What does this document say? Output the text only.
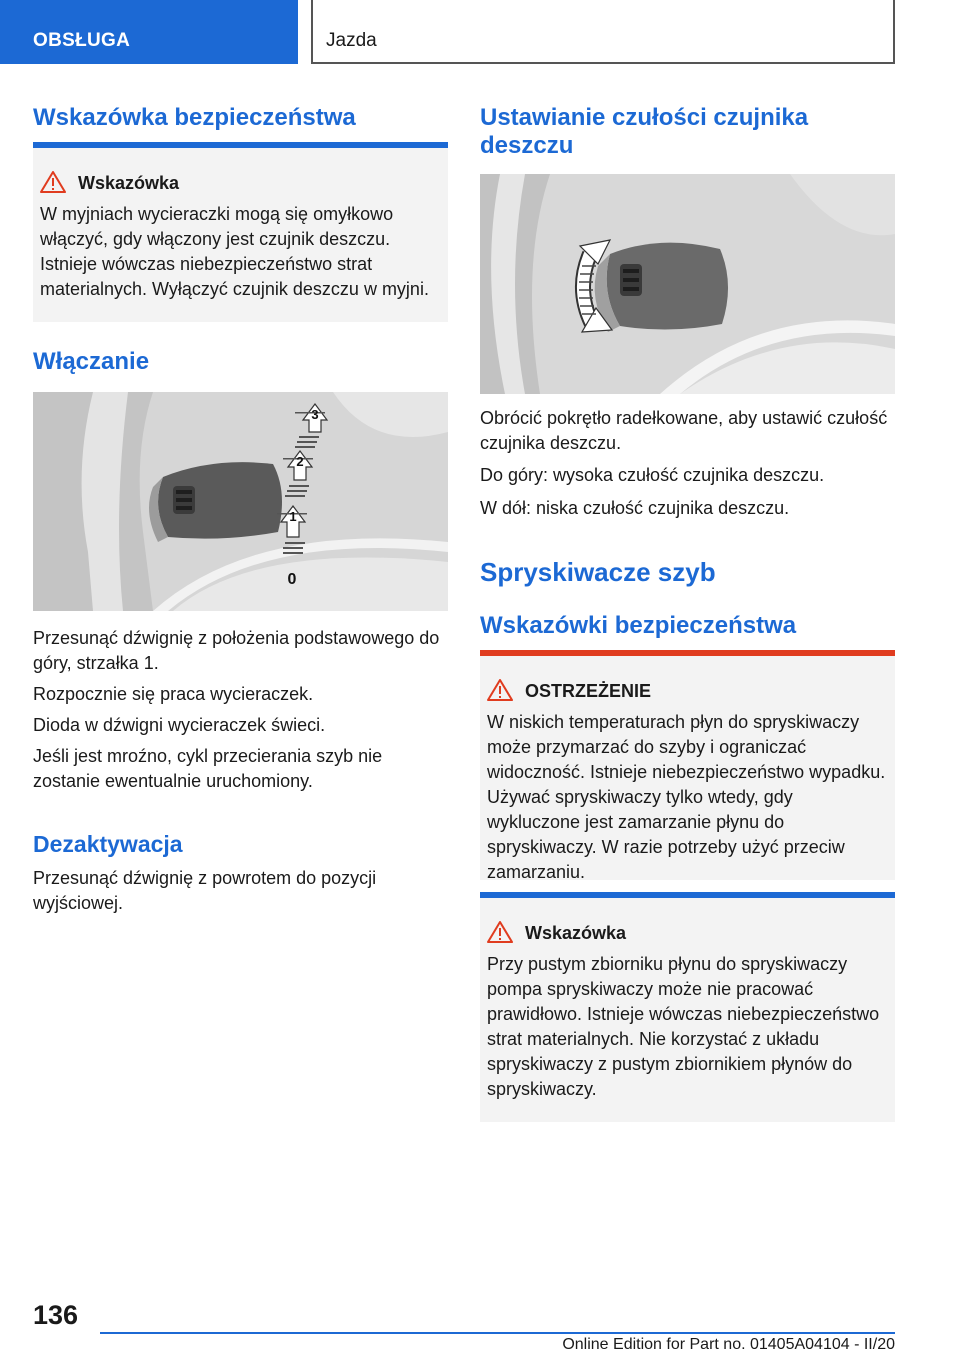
OBSŁUGA	Jazda
Wskazówka bezpieczeństwa
Wskazówka
W myjniach wycieraczki mogą się omyłkowo włączyć, gdy włączony jest czujnik deszczu. Istnieje wówczas niebezpieczeństwo strat materialnych. Wyłączyć czujnik deszczu w myjni.
Włączanie
3
2
1
0
Przesunąć dźwignię z położenia podstawowego do góry, strzałka 1.
Rozpocznie się praca wycieraczek.
Dioda w dźwigni wycieraczek świeci.
Jeśli jest mroźno, cykl przecierania szyb nie zostanie ewentualnie uruchomiony.
Dezaktywacja
Przesunąć dźwignię z powrotem do pozycji wyjściowej.
Ustawianie czułości czujnika
deszczu
Obrócić pokrętło radełkowane, aby ustawić czułość czujnika deszczu.
Do góry: wysoka czułość czujnika deszczu.
W dół: niska czułość czujnika deszczu.
Spryskiwacze szyb
Wskazówki bezpieczeństwa
OSTRZEŻENIE
W niskich temperaturach płyn do spryskiwaczy może przymarzać do szyby i ograniczać widoczność. Istnieje niebezpieczeństwo wypadku. Używać spryskiwaczy tylko wtedy, gdy wykluczone jest zamarzanie płynu do spryskiwaczy. W razie potrzeby użyć przeciw zamarzaniu.
Wskazówka
Przy pustym zbiorniku płynu do spryskiwaczy pompa spryskiwaczy może nie pracować prawidłowo. Istnieje wówczas niebezpieczeństwo strat materialnych. Nie korzystać z układu spryskiwaczy z pustym zbiornikiem płynów do spryskiwaczy.
136
Online Edition for Part no. 01405A04104 - II/20
